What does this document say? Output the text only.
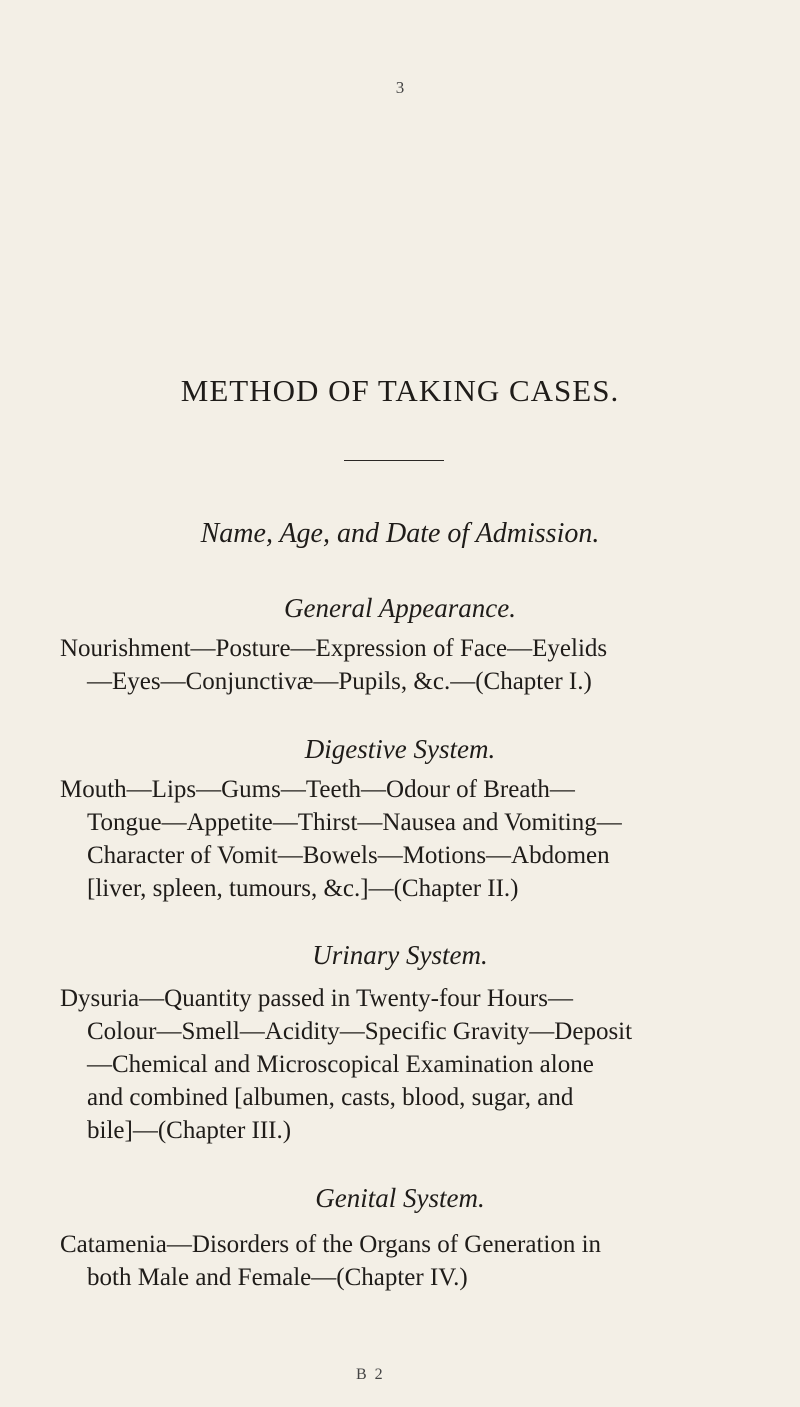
3
METHOD OF TAKING CASES.
Name, Age, and Date of Admission.
General Appearance.
Nourishment—Posture—Expression of Face—Eyelids
—Eyes—Conjunctivæ—Pupils, &c.—(Chapter I.)
Digestive System.
Mouth—Lips—Gums—Teeth—Odour of Breath—
Tongue—Appetite—Thirst—Nausea and Vomiting—
Character of Vomit—Bowels—Motions—Abdomen
[liver, spleen, tumours, &c.]—(Chapter II.)
Urinary System.
Dysuria—Quantity passed in Twenty-four Hours—
Colour—Smell—Acidity—Specific Gravity—Deposit
—Chemical and Microscopical Examination alone
and combined [albumen, casts, blood, sugar, and
bile]—(Chapter III.)
Genital System.
Catamenia—Disorders of the Organs of Generation in
both Male and Female—(Chapter IV.)
B 2
